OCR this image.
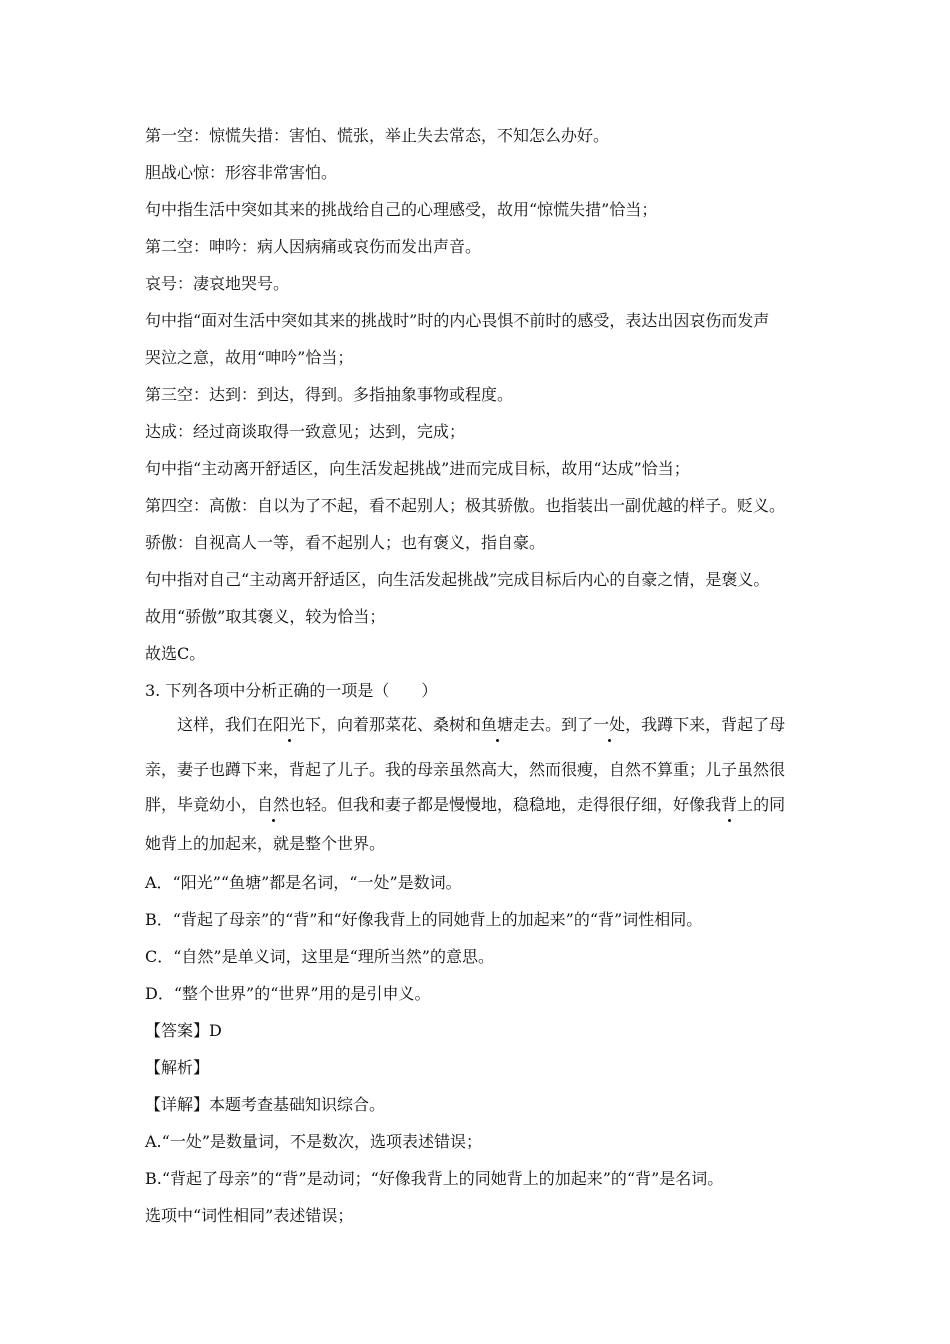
第一空：惊慌失措：害怕、慌张，举止失去常态，不知怎么办好。
胆战心惊：形容非常害怕。
句中指生活中突如其来的挑战给自己的心理感受，故用“惊慌失措”恰当；
第二空：呻吟：病人因病痛或哀伤而发出声音。
哀号：凄哀地哭号。
句中指“面对生活中突如其来的挑战时”时的内心畏惧不前时的感受，表达出因哀伤而发声
哭泣之意，故用“呻吟”恰当；
第三空：达到：到达，得到。多指抽象事物或程度。
达成：经过商谈取得一致意见；达到，完成；
句中指“主动离开舒适区，向生活发起挑战”进而完成目标，故用“达成”恰当；
第四空：高傲：自以为了不起，看不起别人；极其骄傲。也指装出一副优越的样子。贬义。
骄傲：自视高人一等，看不起别人；也有褒义，指自豪。
句中指对自己“主动离开舒适区，向生活发起挑战”完成目标后内心的自豪之情，是褒义。
故用“骄傲”取其褒义，较为恰当；
故选C。
3. 下列各项中分析正确的一项是（　　）
这样，我们在阳光下，向着那菜花、桑树和鱼塘走去。到了一处，我蹲下来，背起了母
亲，妻子也蹲下来，背起了儿子。我的母亲虽然高大，然而很瘦，自然不算重；儿子虽然很
胖，毕竟幼小，自然也轻。但我和妻子都是慢慢地，稳稳地，走得很仔细，好像我背上的同
她背上的加起来，就是整个世界。
A．“阳光”“鱼塘”都是名词，“一处”是数词。
B．“背起了母亲”的“背”和“好像我背上的同她背上的加起来”的“背”词性相同。
C．“自然”是单义词，这里是“理所当然”的意思。
D．“整个世界”的“世界”用的是引申义。
【答案】D
【解析】
【详解】本题考查基础知识综合。
A.“一处”是数量词，不是数次，选项表述错误；
B.“背起了母亲”的“背”是动词；“好像我背上的同她背上的加起来”的“背”是名词。
选项中“词性相同”表述错误；
